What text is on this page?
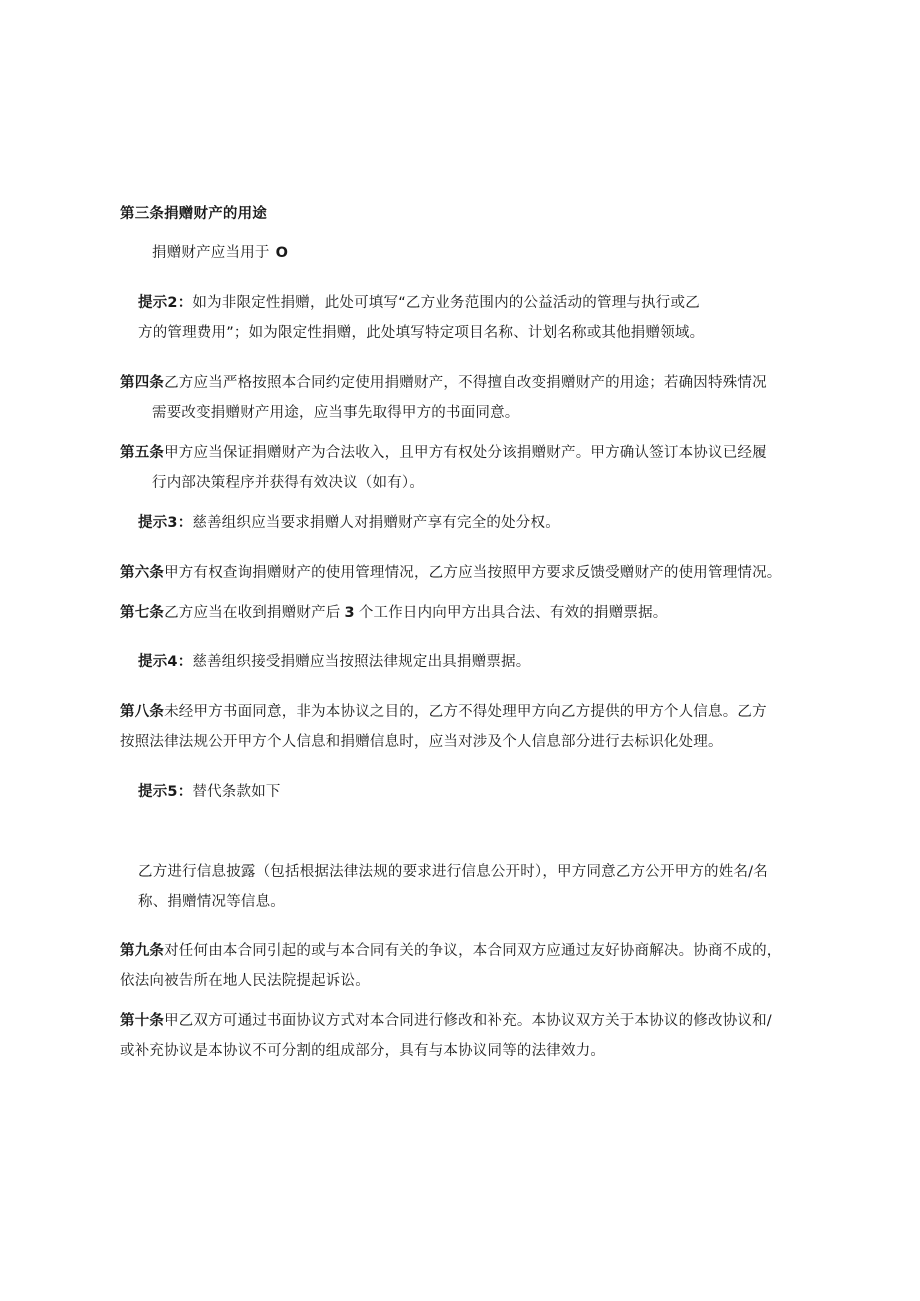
第三条捐赠财产的用途
捐赠财产应当用于 O
提示2：如为非限定性捐赠，此处可填写“乙方业务范围内的公益活动的管理与执行或乙
方的管理费用”；如为限定性捐赠，此处填写特定项目名称、计划名称或其他捐赠领域。
第四条乙方应当严格按照本合同约定使用捐赠财产，不得擅自改变捐赠财产的用途；若确因特殊情况
需要改变捐赠财产用途，应当事先取得甲方的书面同意。
第五条甲方应当保证捐赠财产为合法收入，且甲方有权处分该捐赠财产。甲方确认签订本协议已经履
行内部决策程序并获得有效决议（如有）。
提示3：慈善组织应当要求捐赠人对捐赠财产享有完全的处分权。
第六条甲方有权查询捐赠财产的使用管理情况，乙方应当按照甲方要求反馈受赠财产的使用管理情况。
第七条乙方应当在收到捐赠财产后 3 个工作日内向甲方出具合法、有效的捐赠票据。
提示4：慈善组织接受捐赠应当按照法律规定出具捐赠票据。
第八条未经甲方书面同意，非为本协议之目的，乙方不得处理甲方向乙方提供的甲方个人信息。乙方
按照法律法规公开甲方个人信息和捐赠信息时，应当对涉及个人信息部分进行去标识化处理。
提示5：替代条款如下
乙方进行信息披露（包括根据法律法规的要求进行信息公开时），甲方同意乙方公开甲方的姓名/名
称、捐赠情况等信息。
第九条对任何由本合同引起的或与本合同有关的争议，本合同双方应通过友好协商解决。协商不成的，
依法向被告所在地人民法院提起诉讼。
第十条甲乙双方可通过书面协议方式对本合同进行修改和补充。本协议双方关于本协议的修改协议和/
或补充协议是本协议不可分割的组成部分，具有与本协议同等的法律效力。
